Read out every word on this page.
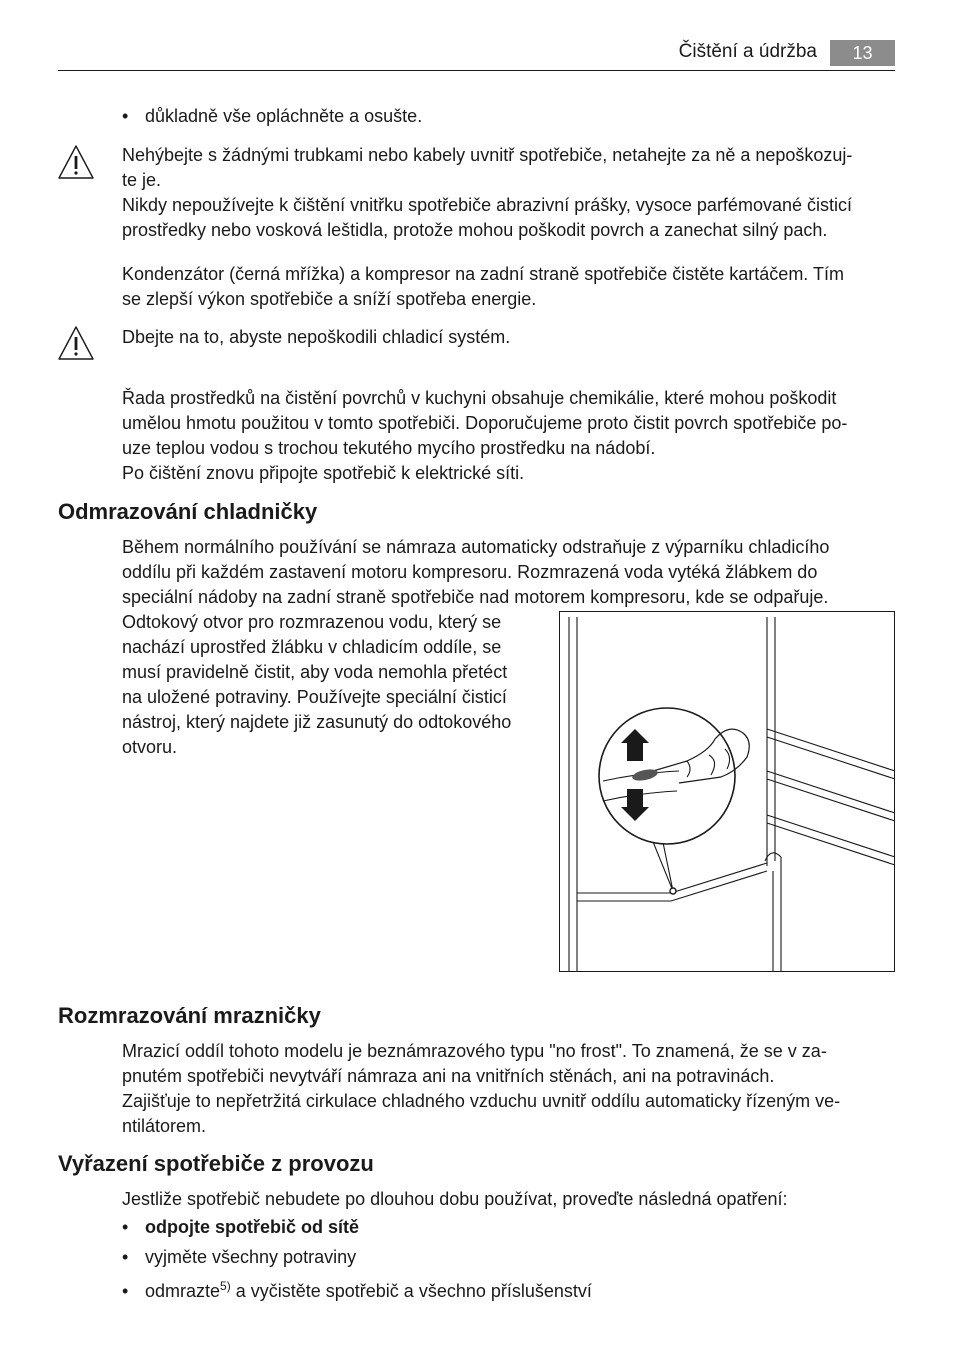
Čištění a údržba	13
• důkladně vše opláchněte a osušte.
Nehýbejte s žádnými trubkami nebo kabely uvnitř spotřebiče, netahejte za ně a nepoškozuj-
te je.
Nikdy nepoužívejte k čištění vnitřku spotřebiče abrazivní prášky, vysoce parfémované čisticí
prostředky nebo vosková leštidla, protože mohou poškodit povrch a zanechat silný pach.
Kondenzátor (černá mřížka) a kompresor na zadní straně spotřebiče čistěte kartáčem. Tím
se zlepší výkon spotřebiče a sníží spotřeba energie.
Dbejte na to, abyste nepoškodili chladicí systém.
Řada prostředků na čistění povrchů v kuchyni obsahuje chemikálie, které mohou poškodit
umělou hmotu použitou v tomto spotřebiči. Doporučujeme proto čistit povrch spotřebiče po-
uze teplou vodou s trochou tekutého mycího prostředku na nádobí.
Po čištění znovu připojte spotřebič k elektrické síti.
Odmrazování chladničky
Během normálního používání se námraza automaticky odstraňuje z výparníku chladicího
oddílu při každém zastavení motoru kompresoru. Rozmrazená voda vytéká žlábkem do
speciální nádoby na zadní straně spotřebiče nad motorem kompresoru, kde se odpařuje.
Odtokový otvor pro rozmrazenou vodu, který se
nachází uprostřed žlábku v chladicím oddíle, se
musí pravidelně čistit, aby voda nemohla přetéct
na uložené potraviny. Používejte speciální čisticí
nástroj, který najdete již zasunutý do odtokového
otvoru.
Rozmrazování mrazničky
Mrazicí oddíl tohoto modelu je beznámrazového typu "no frost". To znamená, že se v za-
pnutém spotřebiči nevytváří námraza ani na vnitřních stěnách, ani na potravinách.
Zajišťuje to nepřetržitá cirkulace chladného vzduchu uvnitř oddílu automaticky řízeným ve-
ntilátorem.
Vyřazení spotřebiče z provozu
Jestliže spotřebič nebudete po dlouhou dobu používat, proveďte následná opatření:
• odpojte spotřebič od sítě
• vyjměte všechny potraviny
• odmrazte$^{5)}$ a vyčistěte spotřebič a všechno příslušenství
